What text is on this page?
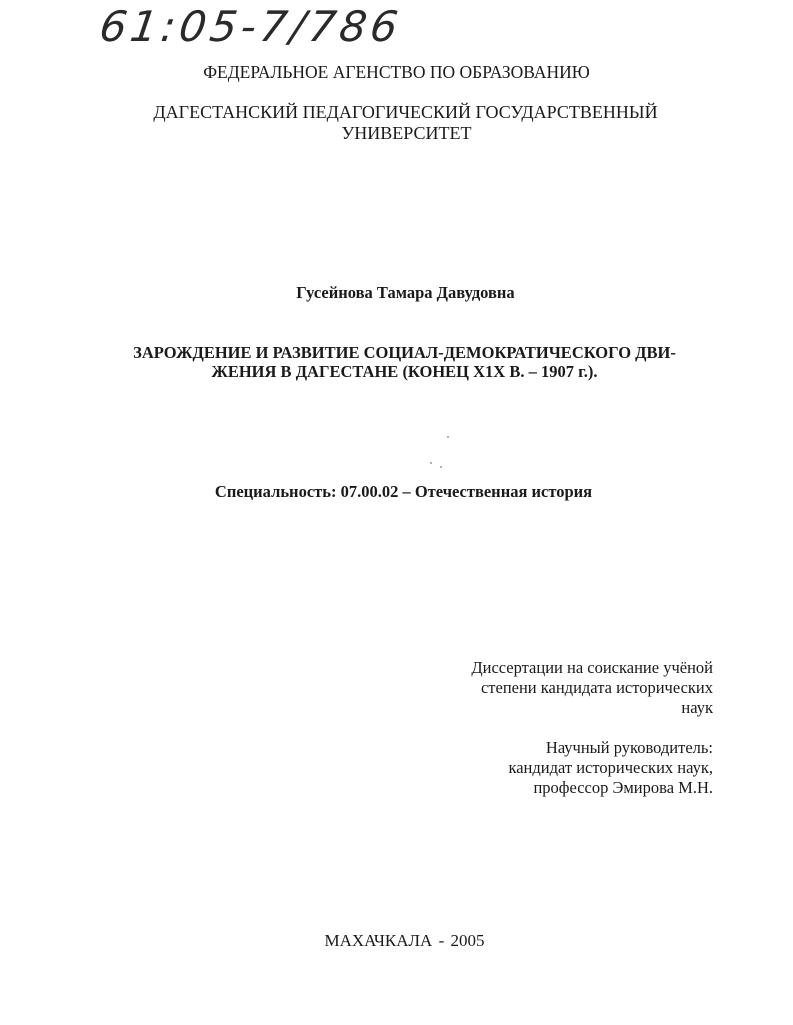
61:05-7/786
ФЕДЕРАЛЬНОЕ АГЕНСТВО ПО ОБРАЗОВАНИЮ
ДАГЕСТАНСКИЙ ПЕДАГОГИЧЕСКИЙ ГОСУДАРСТВЕННЫЙ
УНИВЕРСИТЕТ
Гусейнова Тамара Давудовна
ЗАРОЖДЕНИЕ И РАЗВИТИЕ СОЦИАЛ-ДЕМОКРАТИЧЕСКОГО ДВИ-
ЖЕНИЯ В ДАГЕСТАНЕ (КОНЕЦ Х1Х В. – 1907 г.).
Специальность: 07.00.02 – Отечественная история
Диссертации на соискание учёной
степени кандидата исторических
наук
Научный руководитель:
кандидат исторических наук,
профессор Эмирова М.Н.
МАХАЧКАЛА - 2005
